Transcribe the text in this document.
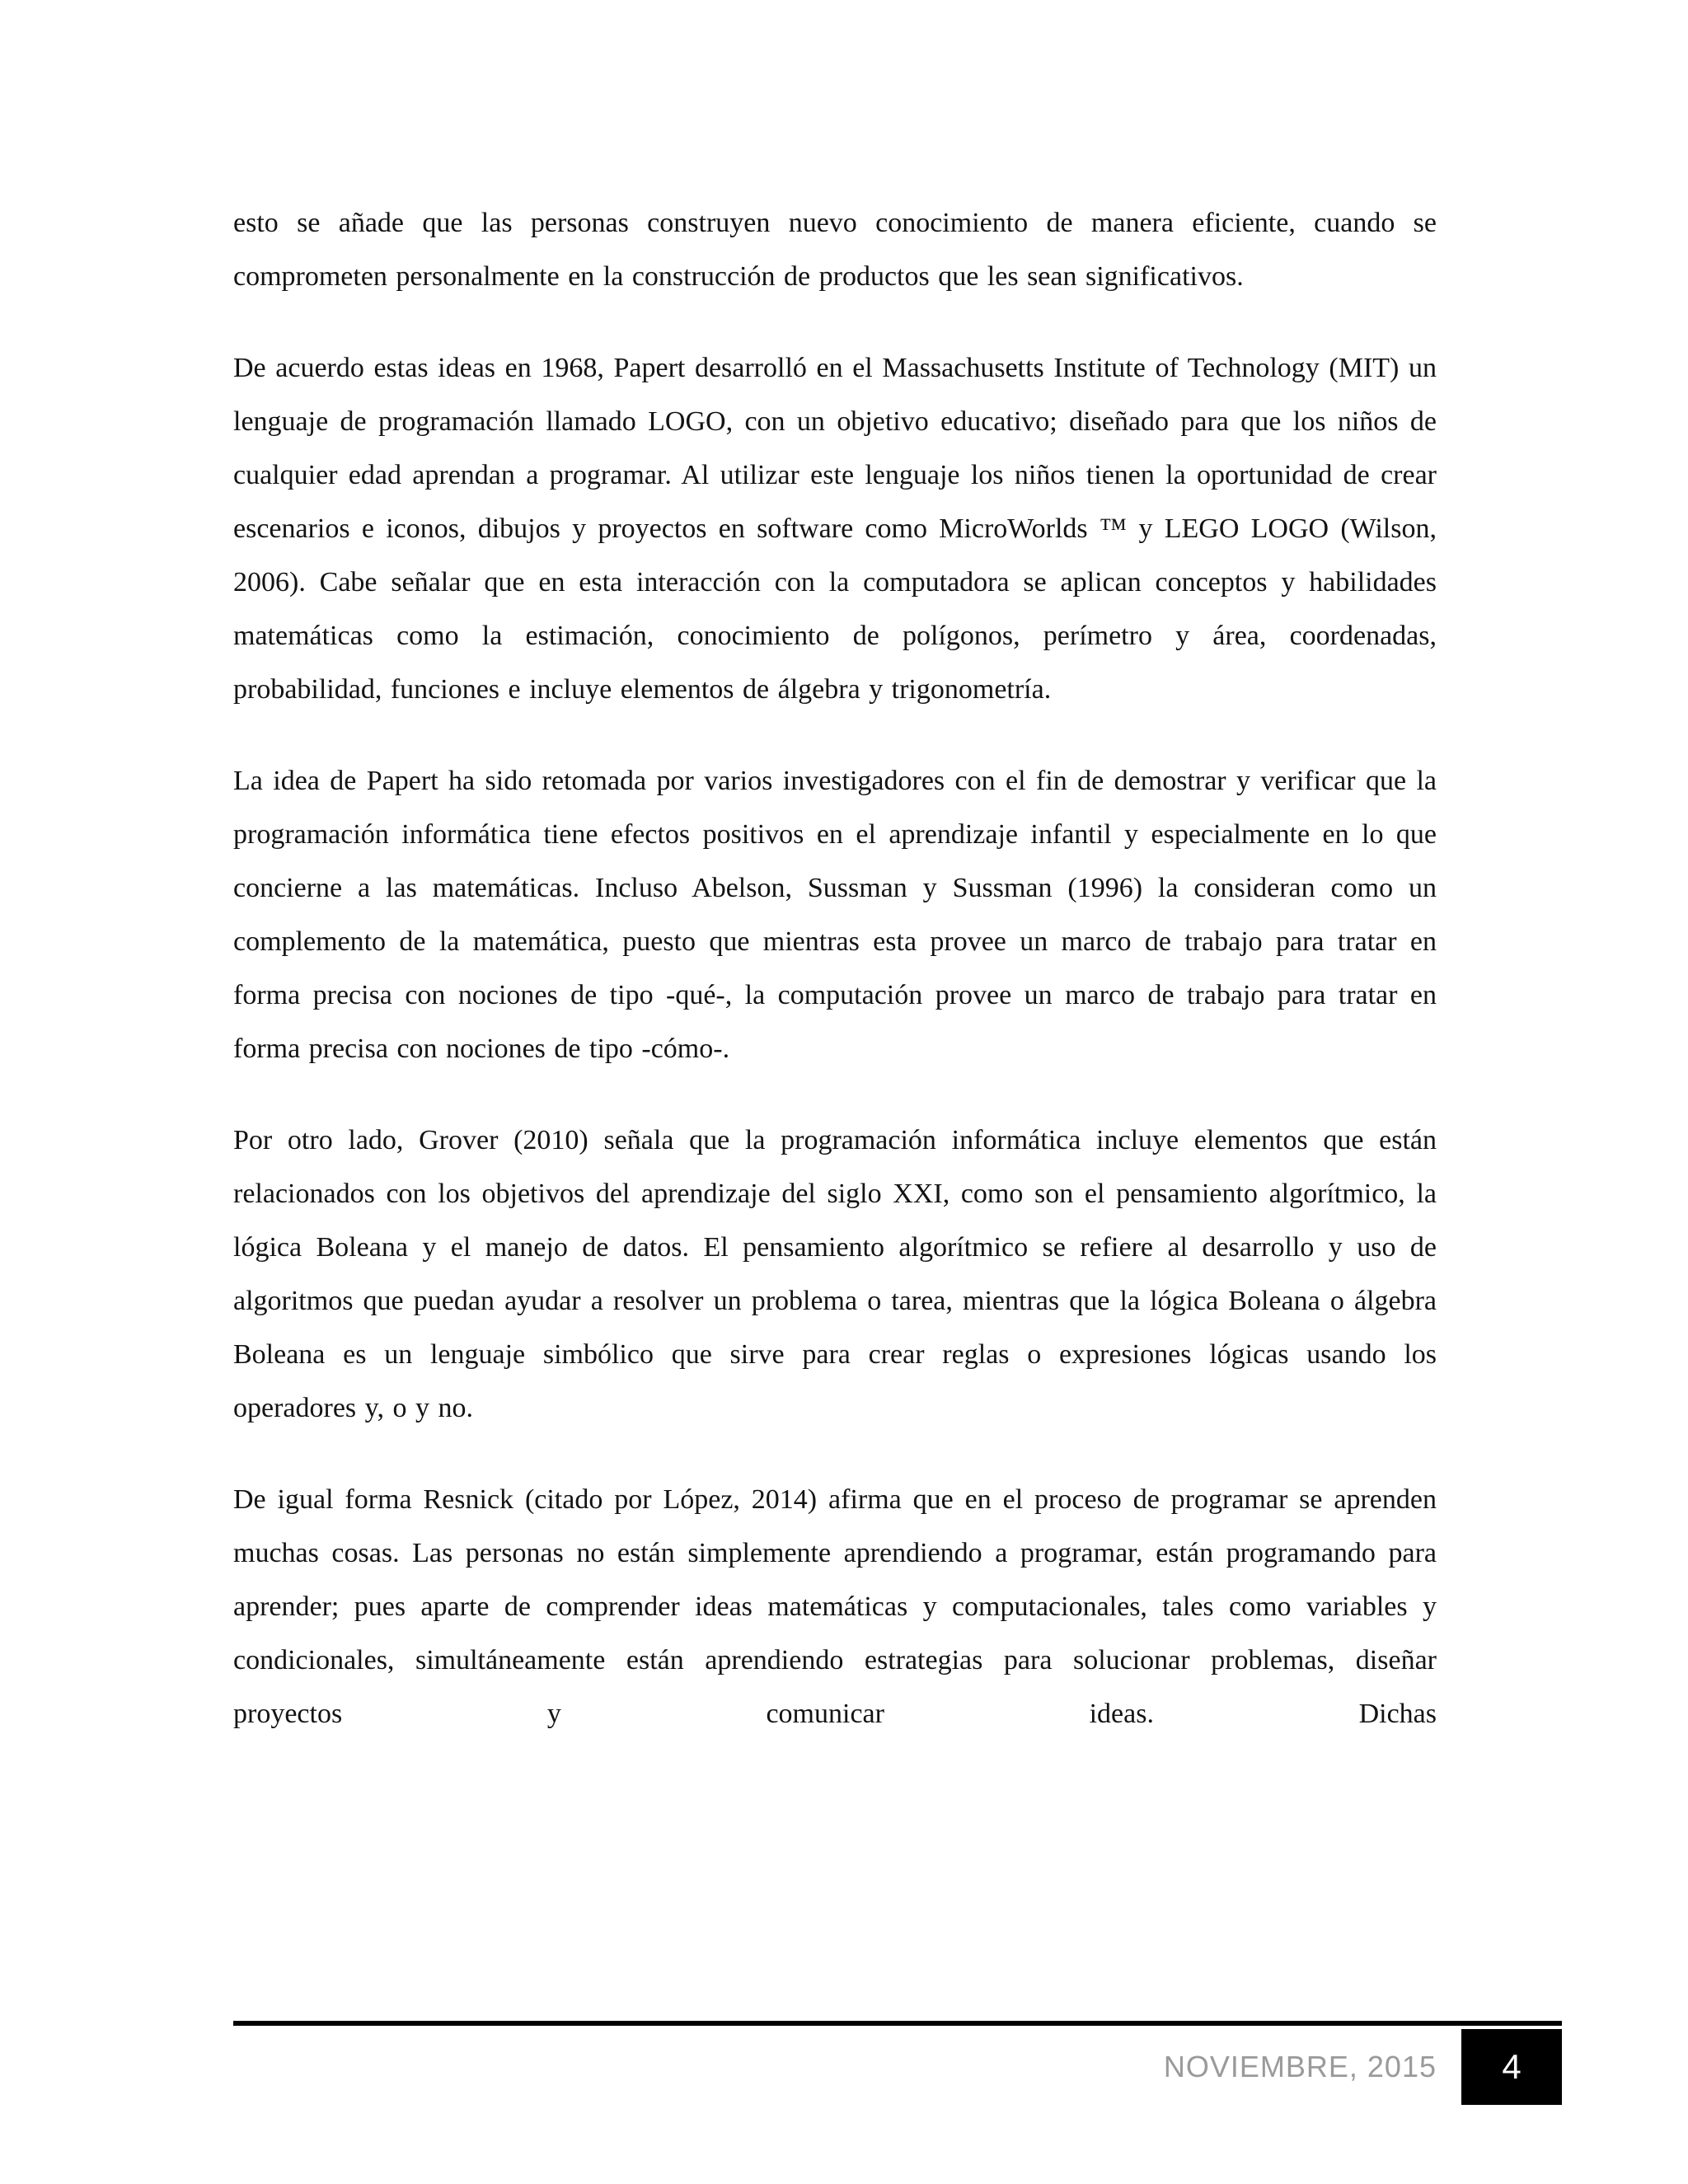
esto se añade que las personas construyen nuevo conocimiento de manera eficiente, cuando se comprometen personalmente en la construcción de productos que les sean significativos.

De acuerdo estas ideas en 1968, Papert desarrolló en el Massachusetts Institute of Technology (MIT) un lenguaje de programación llamado LOGO, con un objetivo educativo; diseñado para que los niños de cualquier edad aprendan a programar. Al utilizar este lenguaje los niños tienen la oportunidad de crear escenarios e iconos, dibujos y proyectos en software como MicroWorlds ™ y LEGO LOGO (Wilson, 2006). Cabe señalar que en esta interacción con la computadora se aplican conceptos y habilidades matemáticas como la estimación, conocimiento de polígonos, perímetro y área, coordenadas, probabilidad, funciones e incluye elementos de álgebra y trigonometría.

La idea de Papert ha sido retomada por varios investigadores con el fin de demostrar y verificar que la programación informática tiene efectos positivos en el aprendizaje infantil y especialmente en lo que concierne a las matemáticas. Incluso Abelson, Sussman y Sussman (1996) la consideran como un complemento de la matemática, puesto que mientras esta provee un marco de trabajo para tratar en forma precisa con nociones de tipo -qué-, la computación provee un marco de trabajo para tratar en forma precisa con nociones de tipo -cómo-.

Por otro lado, Grover (2010) señala que la programación informática incluye elementos que están relacionados con los objetivos del aprendizaje del siglo XXI, como son el pensamiento algorítmico, la lógica Boleana y el manejo de datos. El pensamiento algorítmico se refiere al desarrollo y uso de algoritmos que puedan ayudar a resolver un problema o tarea, mientras que la lógica Boleana o álgebra Boleana es un lenguaje simbólico que sirve para crear reglas o expresiones lógicas usando los operadores y, o y no.

De igual forma Resnick (citado por López, 2014) afirma que en el proceso de programar se aprenden muchas cosas. Las personas no están simplemente aprendiendo a programar, están programando para aprender; pues aparte de comprender ideas matemáticas y computacionales, tales como variables y condicionales, simultáneamente están aprendiendo estrategias para solucionar problemas, diseñar proyectos y comunicar ideas. Dichas

NOVIEMBRE, 2015 4
